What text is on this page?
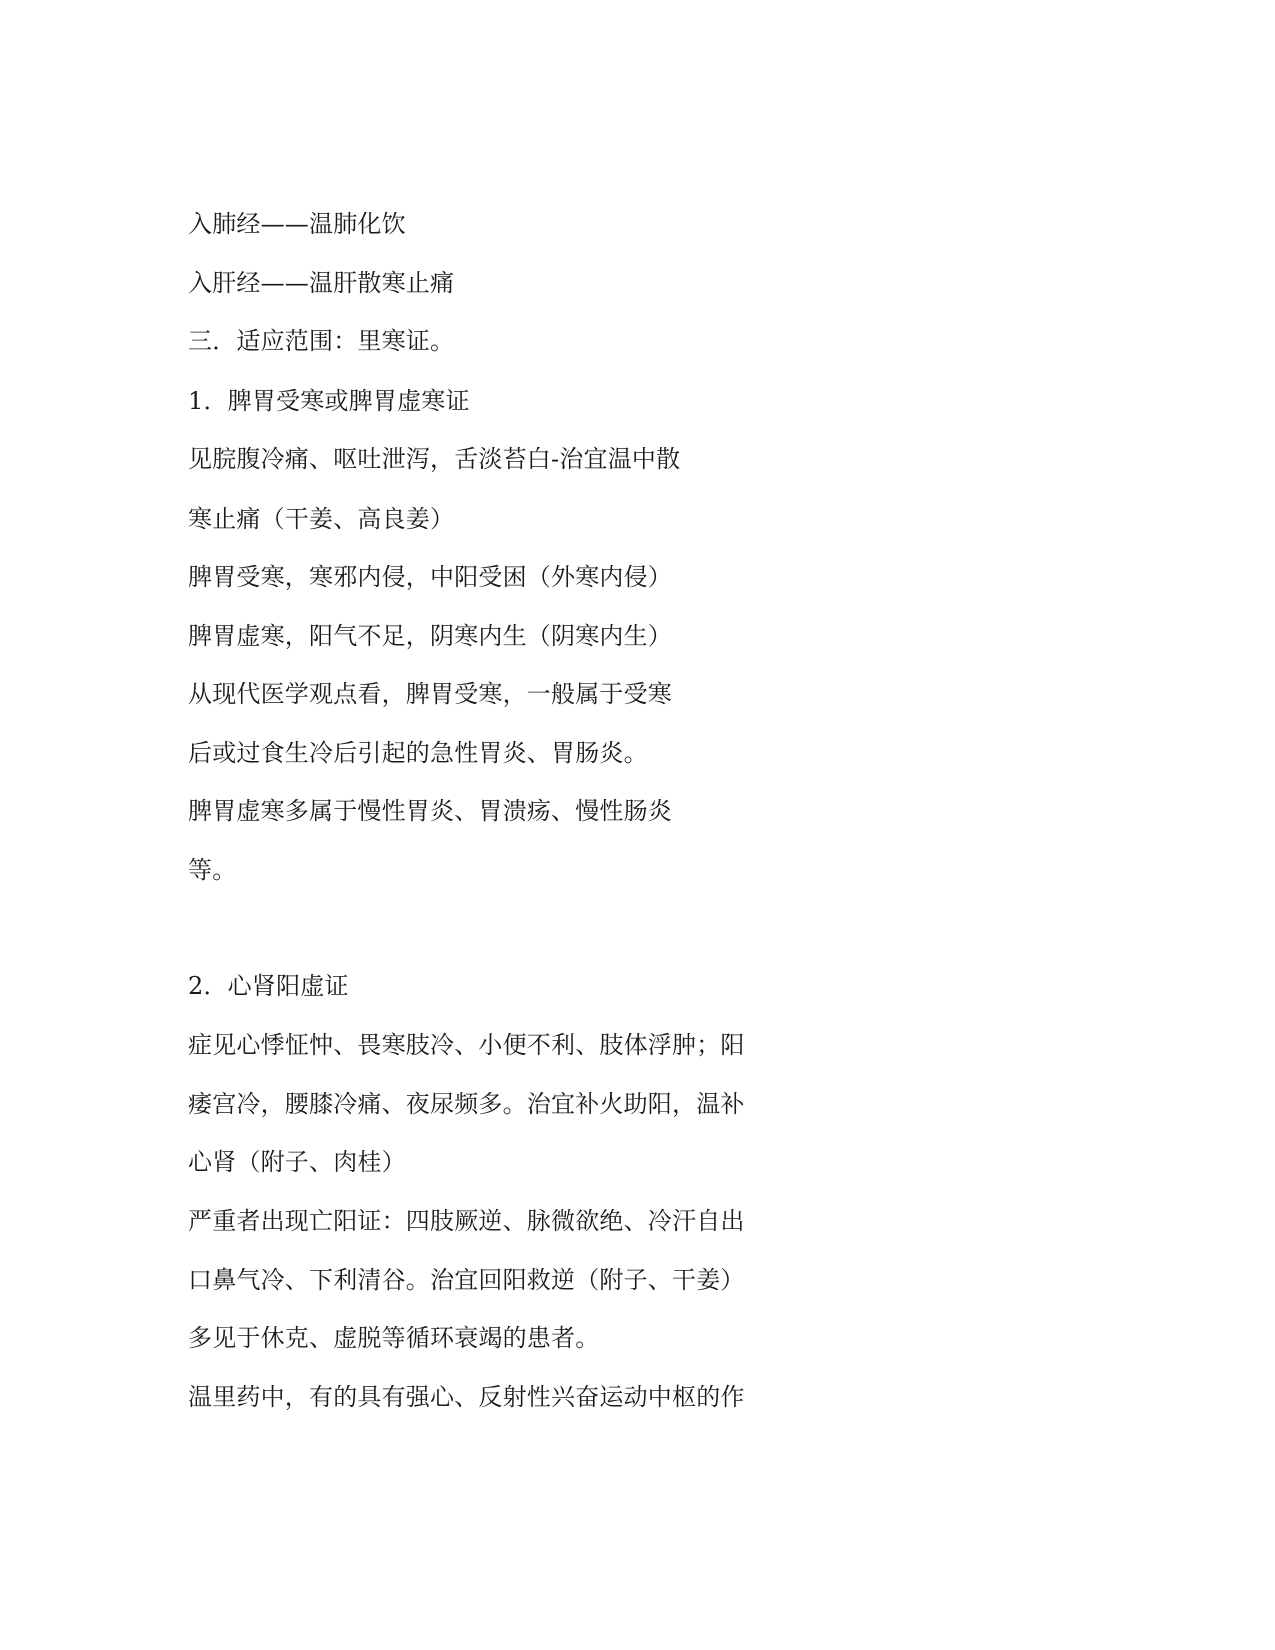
入肺经——温肺化饮

入肝经——温肝散寒止痛

三．适应范围：里寒证。

1．脾胃受寒或脾胃虚寒证

见脘腹冷痛、呕吐泄泻，舌淡苔白-治宜温中散

寒止痛（干姜、高良姜）

脾胃受寒，寒邪内侵，中阳受困（外寒内侵）

脾胃虚寒，阳气不足，阴寒内生（阴寒内生）

从现代医学观点看，脾胃受寒，一般属于受寒

后或过食生冷后引起的急性胃炎、胃肠炎。

脾胃虚寒多属于慢性胃炎、胃溃疡、慢性肠炎

等。

2．心肾阳虚证

症见心悸怔忡、畏寒肢冷、小便不利、肢体浮肿；阳

痿宫冷，腰膝冷痛、夜尿频多。治宜补火助阳，温补

心肾（附子、肉桂）

严重者出现亡阳证：四肢厥逆、脉微欲绝、冷汗自出

口鼻气冷、下利清谷。治宜回阳救逆（附子、干姜）

多见于休克、虚脱等循环衰竭的患者。

温里药中，有的具有强心、反射性兴奋运动中枢的作
